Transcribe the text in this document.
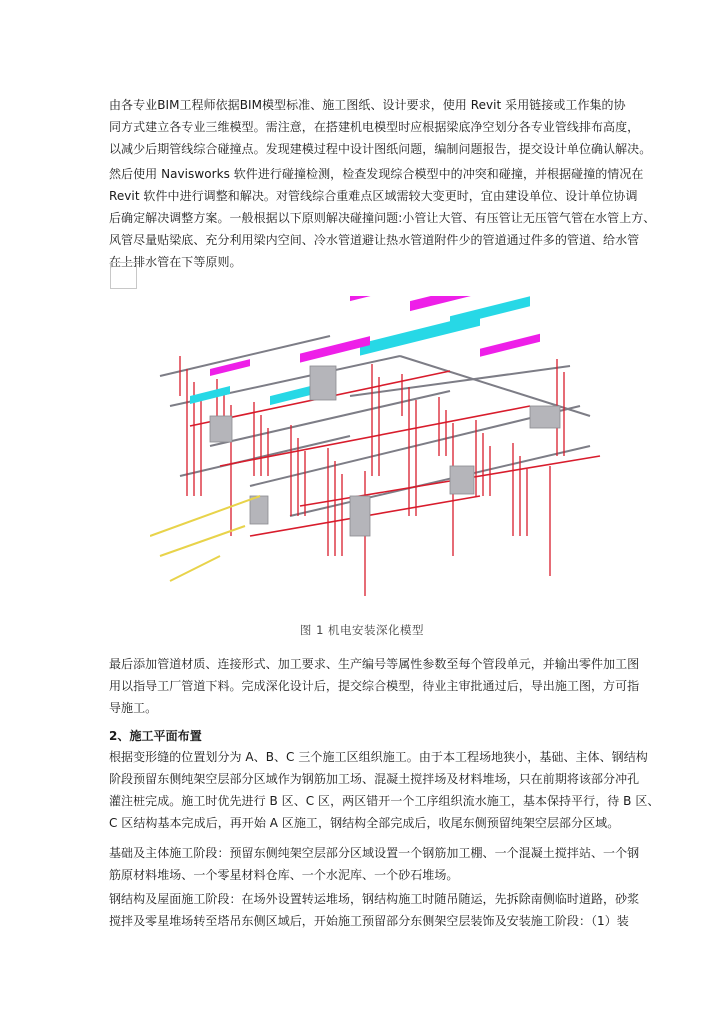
由各专业BIM工程师依据BIM模型标准、施工图纸、设计要求，使用 Revit 采用链接或工作集的协
同方式建立各专业三维模型。需注意，在搭建机电模型时应根据梁底净空划分各专业管线排布高度，
以减少后期管线综合碰撞点。发现建模过程中设计图纸问题，编制问题报告，提交设计单位确认解决。

然后使用 Navisworks 软件进行碰撞检测，检查发现综合模型中的冲突和碰撞，并根据碰撞的情况在
Revit 软件中进行调整和解决。对管线综合重难点区域需较大变更时，宜由建设单位、设计单位协调
后确定解决调整方案。一般根据以下原则解决碰撞问题:小管让大管、有压管让无压管气管在水管上方、
风管尽量贴梁底、充分利用梁内空间、冷水管道避让热水管道附件少的管道通过件多的管道、给水管
在上排水管在下等原则。

图 1 机电安装深化模型

最后添加管道材质、连接形式、加工要求、生产编号等属性参数至每个管段单元，并输出零件加工图
用以指导工厂管道下料。完成深化设计后，提交综合模型，待业主审批通过后，导出施工图，方可指
导施工。

2、施工平面布置

根据变形缝的位置划分为 A、B、C 三个施工区组织施工。由于本工程场地狭小，基础、主体、钢结构
阶段预留东侧纯架空层部分区域作为钢筋加工场、混凝土搅拌场及材料堆场，只在前期将该部分冲孔
灌注桩完成。施工时优先进行 B 区、C 区，两区错开一个工序组织流水施工，基本保持平行，待 B 区、
C 区结构基本完成后，再开始 A 区施工，钢结构全部完成后，收尾东侧预留纯架空层部分区域。

基础及主体施工阶段：预留东侧纯架空层部分区域设置一个钢筋加工棚、一个混凝土搅拌站、一个钢
筋原材料堆场、一个零星材料仓库、一个水泥库、一个砂石堆场。

钢结构及屋面施工阶段：在场外设置转运堆场，钢结构施工时随吊随运，先拆除南侧临时道路，砂浆
搅拌及零星堆场转至塔吊东侧区域后，开始施工预留部分东侧架空层装饰及安装施工阶段：（1）装
